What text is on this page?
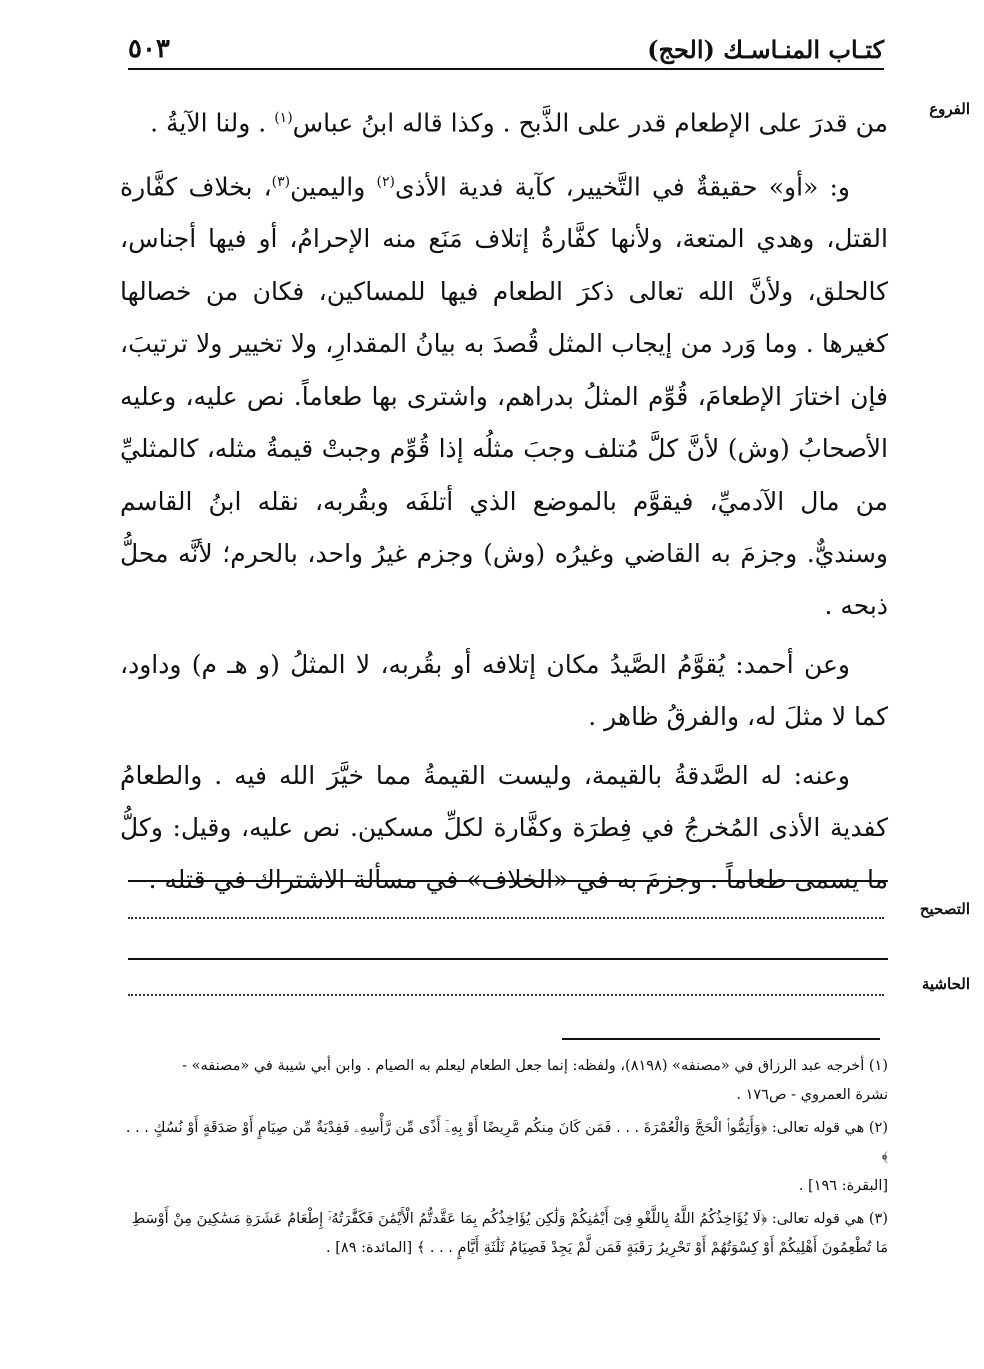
كتـاب المنـاسـك (الحج)
٥٠٣
الفروع

من قدرَ على الإطعام قدر على الذَّبح . وكذا قاله ابنُ عباس$^{(١)}$ . ولنا الآيةُ .

و: «أو» حقيقةٌ في التَّخيير، كآية فدية الأذى$^{(٢)}$ واليمين$^{(٣)}$، بخلاف كفَّارة القتل، وهدي المتعة، ولأنها كفَّارةُ إتلاف مَنَع منه الإحرامُ، أو فيها أجناس، كالحلق، ولأنَّ الله تعالى ذكرَ الطعام فيها للمساكين، فكان من خصالها كغيرها . وما وَرد من إيجاب المثل قُصدَ به بيانُ المقدارِ، ولا تخيير ولا ترتيبَ، فإن اختارَ الإطعامَ، قُوِّم المثلُ بدراهم، واشترى بها طعاماً. نص عليه، وعليه الأصحابُ (وش) لأنَّ كلَّ مُتلف وجبَ مثلُه إذا قُوِّم وجبتْ قيمةُ مثله، كالمثليِّ من مال الآدميِّ، فيقوَّم بالموضع الذي أتلفَه وبقُربه، نقله ابنُ القاسم وسنديٌّ. وجزمَ به القاضي وغيرُه (وش) وجزم غيرُ واحد، بالحرم؛ لأنَّه محلُّ ذبحه .

وعن أحمد: يُقوَّمُ الصَّيدُ مكان إتلافه أو بقُربه، لا المثلُ (و هـ م) وداود، كما لا مثلَ له، والفرقُ ظاهر .

وعنه: له الصَّدقةُ بالقيمة، وليست القيمةُ مما خيَّرَ الله فيه . والطعامُ كفدية الأذى المُخرجُ في فِطرَة وكفَّارة لكلِّ مسكين. نص عليه، وقيل: وكلُّ ما يسمى طعاماً . وجزمَ به في «الخلاف» في مسألة الاشتراك في قتله .

التصحيح
الحاشية

(١) أخرجه عبد الرزاق في «مصنفه» (٨١٩٨)، ولفظه: إنما جعل الطعام ليعلم به الصيام . وابن أبي شيبة في «مصنفه» -
نشرة العمروي - ص١٧٦ .

(٢) هي قوله تعالى: ﴿وَأَتِمُّوا۟ الْحَجَّ وَالْعُمْرَةَ . . . فَمَن كَانَ مِنكُم مَّرِيضًا أَوْ بِهِۦٓ أَذًى مِّن رَّأْسِهِۦ فَفِدْيَةٌ مِّن صِيَامٍ أَوْ صَدَقَةٍ أَوْ نُسُكٍ . . . ﴾
[البقرة: ١٩٦] .

(٣) هي قوله تعالى: ﴿لَا يُؤَاخِذُكُمُ اللَّهُ بِاللَّغْوِ فِىٓ أَيْمَٰنِكُمْ وَلَٰكِن يُؤَاخِذُكُم بِمَا عَقَّدتُّمُ الْأَيْمَٰنَ فَكَفَّٰرَتُهُۥٓ إِطْعَامُ عَشَرَةِ مَسَٰكِينَ مِنْ أَوْسَطِ
مَا تُطْعِمُونَ أَهْلِيكُمْ أَوْ كِسْوَتُهُمْ أَوْ تَحْرِيرُ رَقَبَةٍ فَمَن لَّمْ يَجِدْ فَصِيَامُ ثَلَٰثَةِ أَيَّامٍ . . . ﴾ [المائدة: ٨٩] .
